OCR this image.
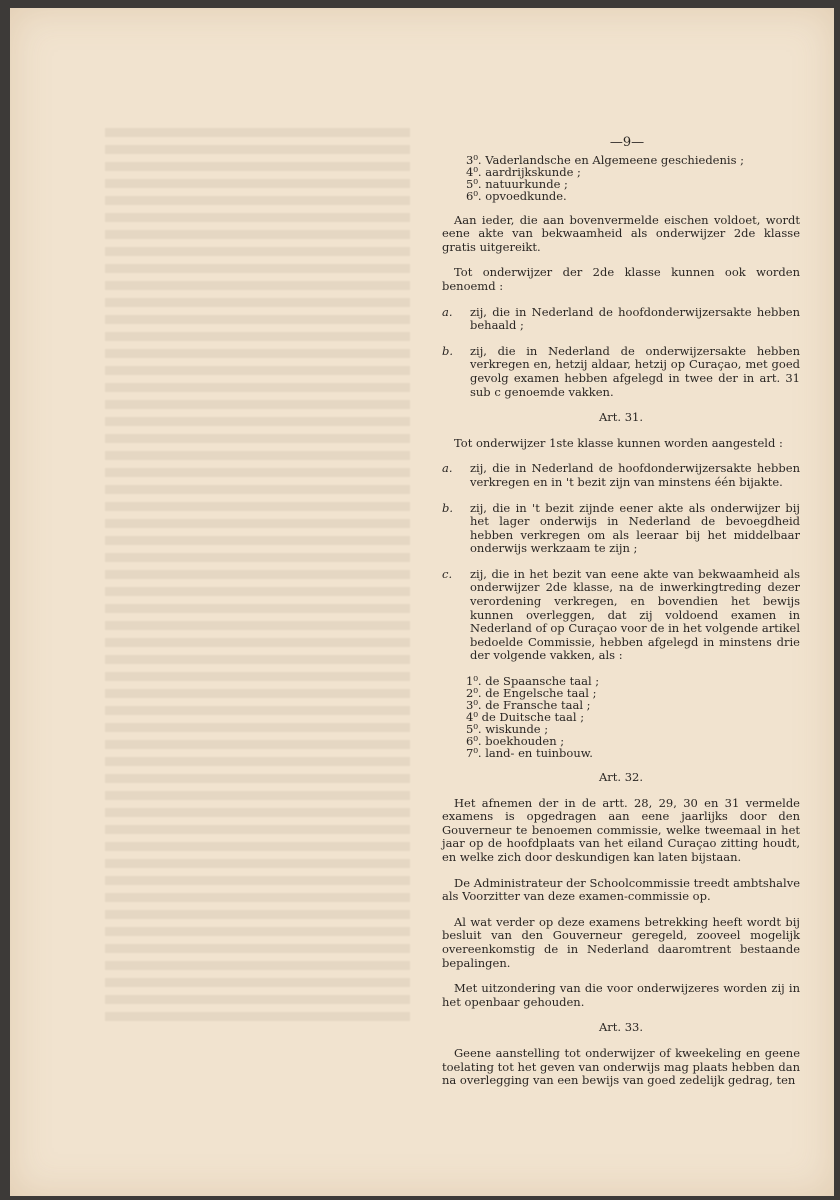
—9—
3⁰. Vaderlandsche en Algemeene geschiedenis ;
4⁰. aardrijkskunde ;
5⁰. natuurkunde ;
6⁰. opvoedkunde.

Aan ieder, die aan bovenvermelde eischen voldoet, wordt eene akte van bekwaamheid als onderwijzer 2de klasse gratis uitgereikt.

Tot onderwijzer der 2de klasse kunnen ook worden benoemd :

a.	zij, die in Nederland de hoofdonderwijzersakte hebben behaald ;
b.	zij, die in Nederland de onderwijzersakte hebben verkregen en, hetzij aldaar, hetzij op Curaçao, met goed gevolg examen hebben afgelegd in twee der in art. 31 sub c genoemde vakken.
Art. 31.

Tot onderwijzer 1ste klasse kunnen worden aangesteld :

a.	zij, die in Nederland de hoofdonderwijzersakte hebben verkregen en in 't bezit zijn van minstens één bijakte.
b.	zij, die in 't bezit zijnde eener akte als onderwijzer bij het lager onderwijs in Nederland de bevoegdheid hebben verkregen om als leeraar bij het middelbaar onderwijs werkzaam te zijn ;
c.	zij, die in het bezit van eene akte van bekwaamheid als onderwijzer 2de klasse, na de inwerkingtreding dezer verordening verkregen, en bovendien het bewijs kunnen overleggen, dat zij voldoend examen in Nederland of op Curaçao voor de in het volgende artikel bedoelde Commissie, hebben afgelegd in minstens drie der volgende vakken, als :
1⁰. de Spaansche taal ;
2⁰. de Engelsche taal ;
3⁰. de Fransche taal ;
4⁰ de Duitsche taal ;
5⁰. wiskunde ;
6⁰. boekhouden ;
7⁰. land- en tuinbouw.
Art. 32.

Het afnemen der in de artt. 28, 29, 30 en 31 vermelde examens is opgedragen aan eene jaarlijks door den Gouverneur te benoemen commissie, welke tweemaal in het jaar op de hoofdplaats van het eiland Curaçao zitting houdt, en welke zich door deskundigen kan laten bijstaan.

De Administrateur der Schoolcommissie treedt ambtshalve als Voorzitter van deze examen-commissie op.

Al wat verder op deze examens betrekking heeft wordt bij besluit van den Gouverneur geregeld, zooveel mogelijk overeenkomstig de in Nederland daaromtrent bestaande bepalingen.

Met uitzondering van die voor onderwijzeres worden zij in het openbaar gehouden.

Art. 33.

Geene aanstelling tot onderwijzer of kweekeling en geene toelating tot het geven van onderwijs mag plaats hebben dan na overlegging van een bewijs van goed zedelijk gedrag, ten
